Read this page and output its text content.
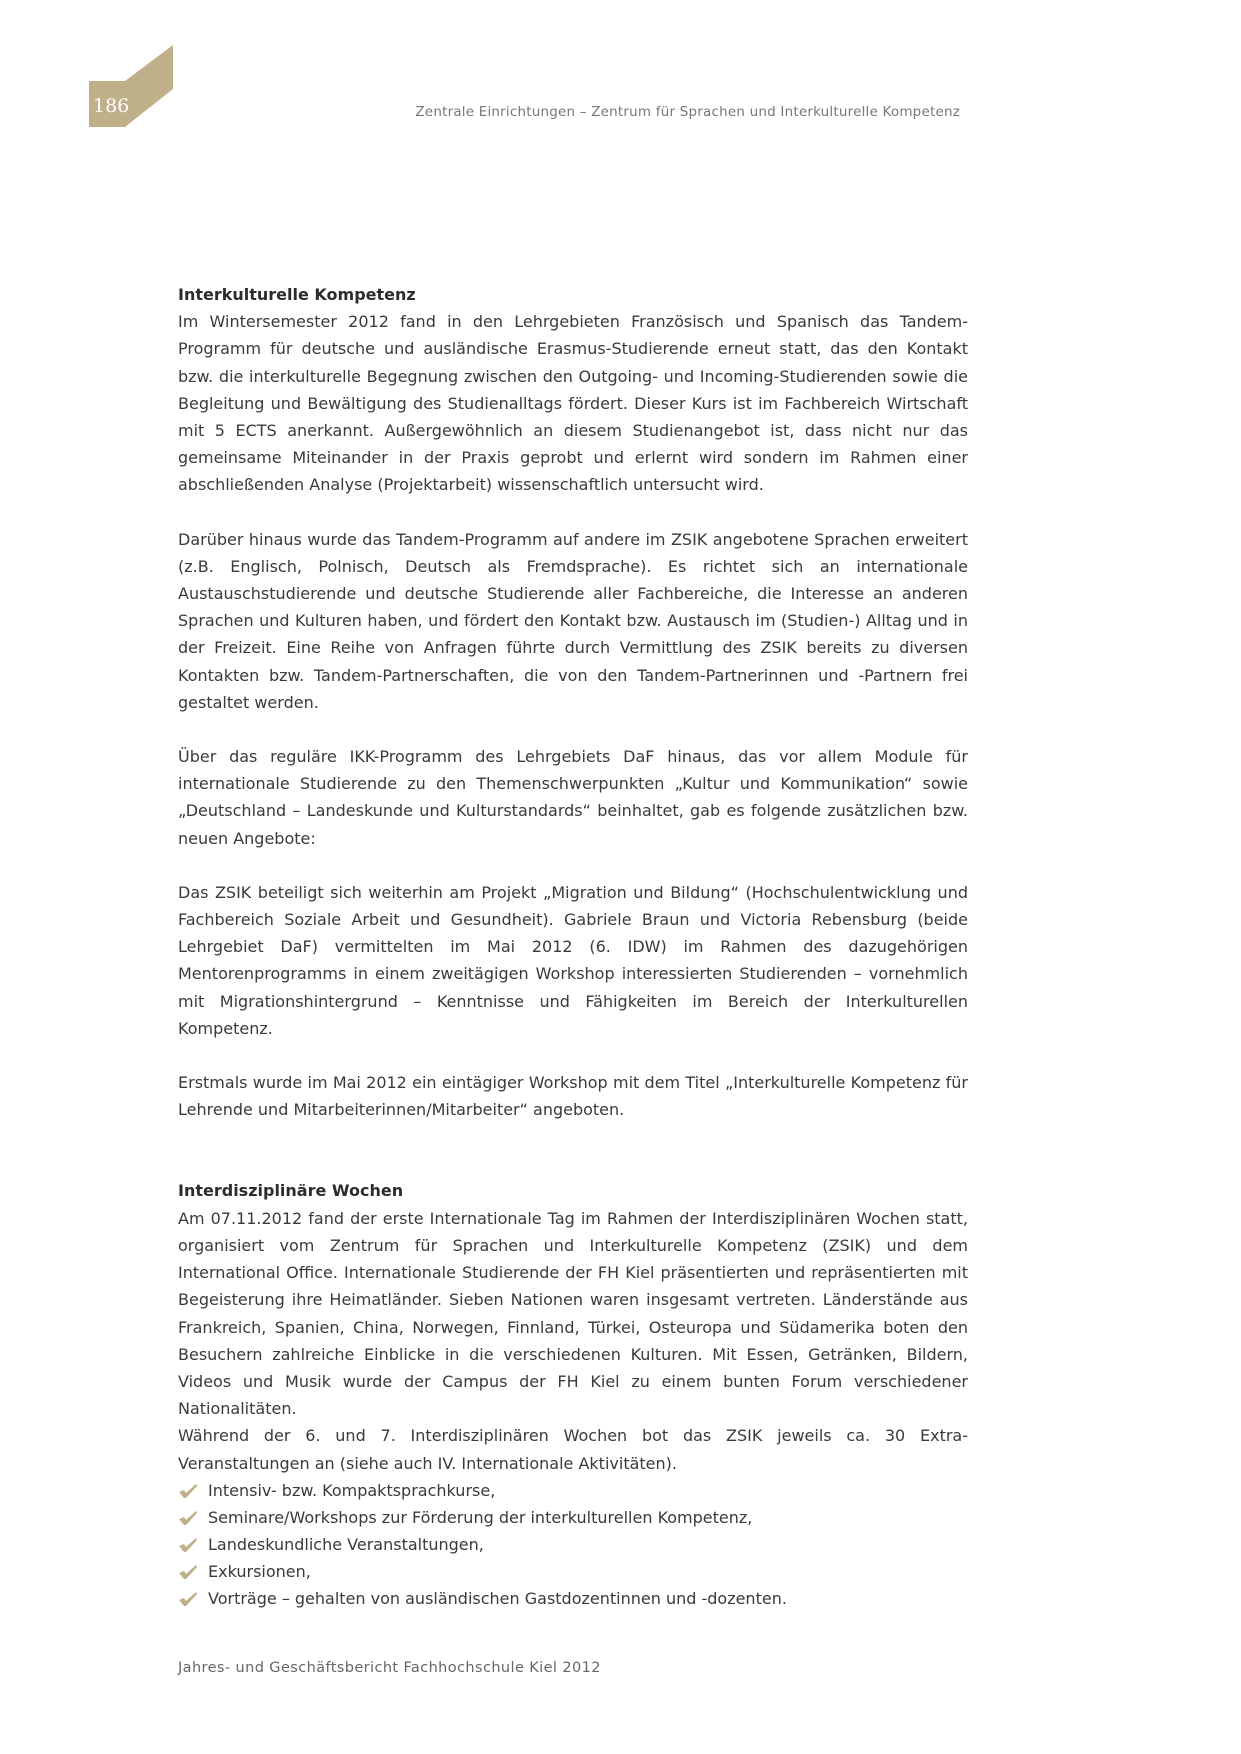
186	Zentrale Einrichtungen – Zentrum für Sprachen und Interkulturelle Kompetenz
Interkulturelle Kompetenz

Im Wintersemester 2012 fand in den Lehrgebieten Französisch und Spanisch das Tandem-Programm für deutsche und ausländische Erasmus-Studierende erneut statt, das den Kontakt bzw. die interkulturelle Begegnung zwischen den Outgoing- und Incoming-Studierenden sowie die Begleitung und Bewältigung des Studienalltags fördert. Dieser Kurs ist im Fachbereich Wirtschaft mit 5 ECTS anerkannt. Außergewöhnlich an diesem Studienangebot ist, dass nicht nur das gemeinsame Miteinander in der Praxis geprobt und erlernt wird sondern im Rahmen einer abschließenden Analyse (Projektarbeit) wissenschaftlich untersucht wird.

Darüber hinaus wurde das Tandem-Programm auf andere im ZSIK angebotene Sprachen erweitert (z.B. Englisch, Polnisch, Deutsch als Fremdsprache). Es richtet sich an internationale Austauschstudierende und deutsche Studierende aller Fachbereiche, die Interesse an anderen Sprachen und Kulturen haben, und fördert den Kontakt bzw. Austausch im (Studien-) Alltag und in der Freizeit. Eine Reihe von Anfragen führte durch Vermittlung des ZSIK bereits zu diversen Kontakten bzw. Tandem-Partnerschaften, die von den Tandem-Partnerinnen und -Partnern frei gestaltet werden.

Über das reguläre IKK-Programm des Lehrgebiets DaF hinaus, das vor allem Module für internationale Studierende zu den Themenschwerpunkten „Kultur und Kommunikation“ sowie „Deutschland – Landeskunde und Kulturstandards“ beinhaltet, gab es folgende zusätzlichen bzw. neuen Angebote:

Das ZSIK beteiligt sich weiterhin am Projekt „Migration und Bildung“ (Hochschulentwicklung und Fachbereich Soziale Arbeit und Gesundheit). Gabriele Braun und Victoria Rebensburg (beide Lehrgebiet DaF) vermittelten im Mai 2012 (6. IDW) im Rahmen des dazugehörigen Mentorenprogramms in einem zweitägigen Workshop interessierten Studierenden – vornehmlich mit Migrationshintergrund – Kenntnisse und Fähigkeiten im Bereich der Interkulturellen Kompetenz.

Erstmals wurde im Mai 2012 ein eintägiger Workshop mit dem Titel „Interkulturelle Kompetenz für Lehrende und Mitarbeiterinnen/Mitarbeiter“ angeboten.

Interdisziplinäre Wochen

Am 07.11.2012 fand der erste Internationale Tag im Rahmen der Interdisziplinären Wochen statt, organisiert vom Zentrum für Sprachen und Interkulturelle Kompetenz (ZSIK) und dem International Office. Internationale Studierende der FH Kiel präsentierten und repräsentierten mit Begeisterung ihre Heimatländer. Sieben Nationen waren insgesamt vertreten. Länderstände aus Frankreich, Spanien, China, Norwegen, Finnland, Türkei, Osteuropa und Südamerika boten den Besuchern zahlreiche Einblicke in die verschiedenen Kulturen. Mit Essen, Getränken, Bildern, Videos und Musik wurde der Campus der FH Kiel zu einem bunten Forum verschiedener Nationalitäten.

Während der 6. und 7. Interdisziplinären Wochen bot das ZSIK jeweils ca. 30 Extra-Veranstaltungen an (siehe auch IV. Internationale Aktivitäten).

Intensiv- bzw. Kompaktsprachkurse,
Seminare/Workshops zur Förderung der interkulturellen Kompetenz,
Landeskundliche Veranstaltungen,
Exkursionen,
Vorträge – gehalten von ausländischen Gastdozentinnen und -dozenten.
Jahres- und Geschäftsbericht Fachhochschule Kiel 2012
